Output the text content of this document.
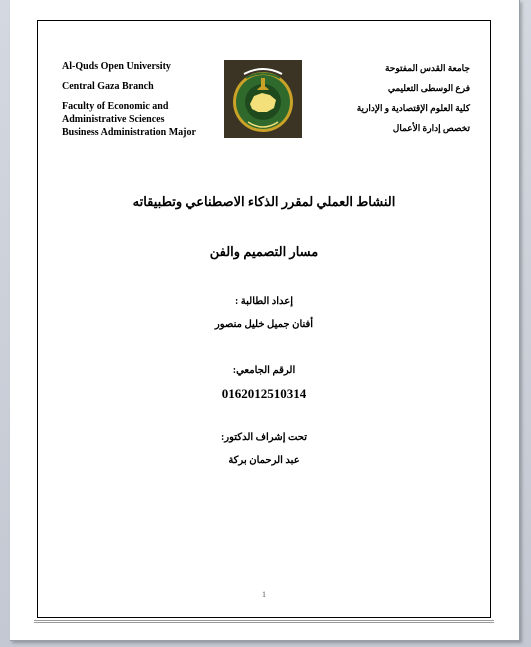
Al-Quds Open University
Central Gaza Branch
Faculty of Economic and
Administrative Sciences
Business Administration Major
جامعة القدس المفتوحة
فرع الوسطى التعليمي
كلية العلوم الإقتصادية و الإدارية
تخصص إدارة الأعمال
النشاط العملي لمقرر الذكاء الاصطناعي وتطبيقاته
مسار التصميم والفن
إعداد الطالبة :
أفنان جميل خليل منصور
الرقم الجامعي:
0162012510314
تحت إشراف الدكتور:
عبد الرحمان بركة
1
